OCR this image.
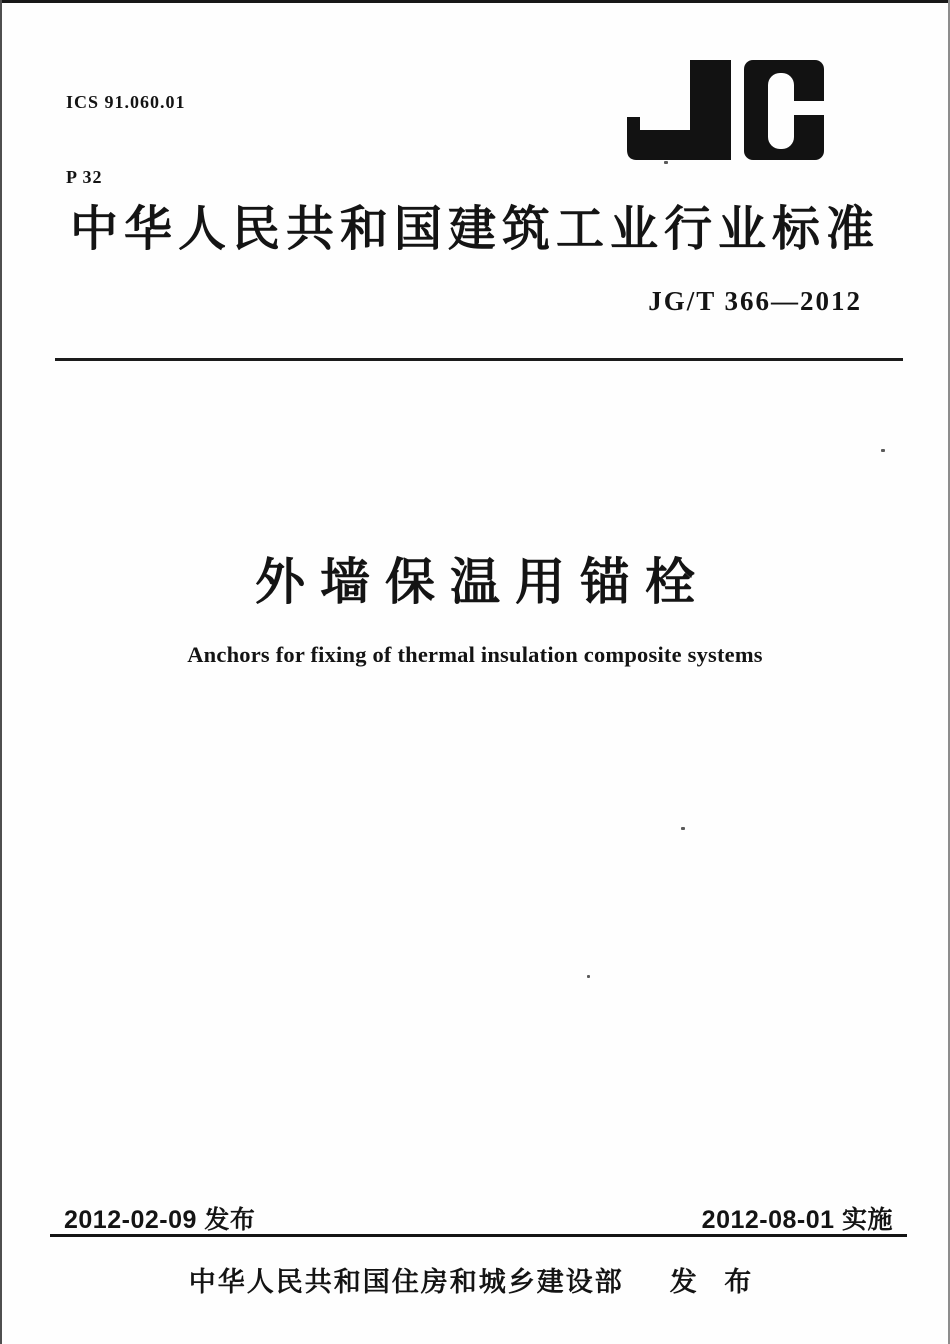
ICS 91.060.01

P 32

中华人民共和国建筑工业行业标准
JG/T 366—2012
外墙保温用锚栓
Anchors for fixing of thermal insulation composite systems
2012-02-09 发布	2012-08-01 实施
中华人民共和国住房和城乡建设部 发 布
